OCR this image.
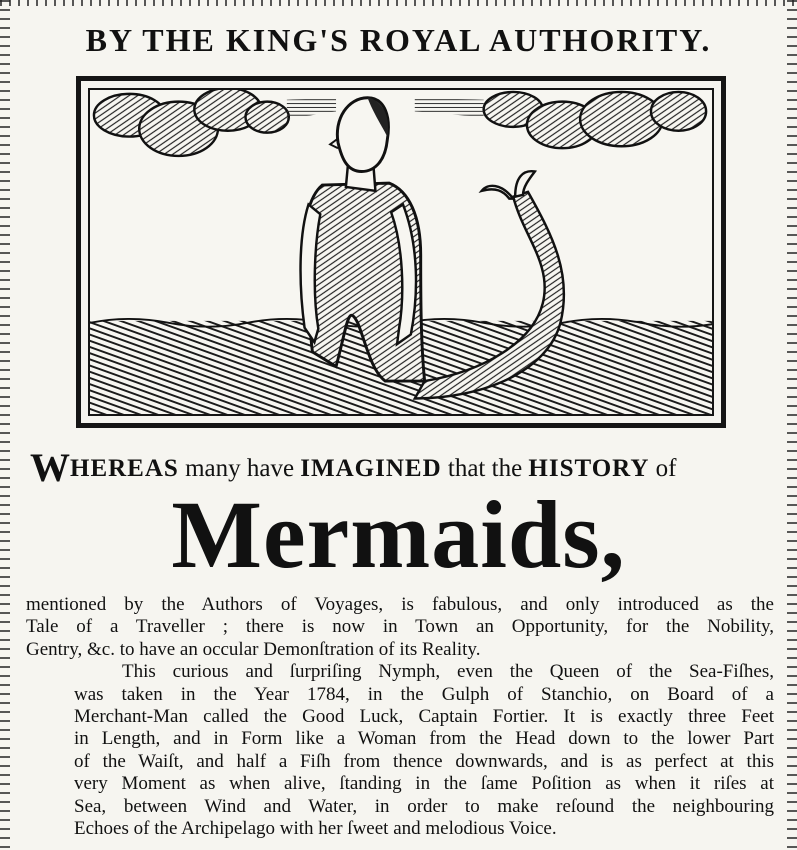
BY THE KING'S ROYAL AUTHORITY.
WHEREAS many have IMAGINED that the HISTORY of
Mermaids,

mentioned by the Authors of Voyages, is fabulous, and only introduced as the
Tale of a Traveller ; there is now in Town an Opportunity, for the Nobility,
Gentry, &c. to have an occular Demonſtration of its Reality.

This curious and ſurpriſing Nymph, even the Queen of the Sea-Fiſhes,
was taken in the Year 1784, in the Gulph of Stanchio, on Board of a
Merchant-Man called the Good Luck, Captain Fortier. It is exactly three Feet
in Length, and in Form like a Woman from the Head down to the lower Part
of the Waiſt, and half a Fiſh from thence downwards, and is as perfect at this
very Moment as when alive, ſtanding in the ſame Poſition as when it riſes at
Sea, between Wind and Water, in order to make reſound the neighbouring
Echoes of the Archipelago with her ſweet and melodious Voice.
